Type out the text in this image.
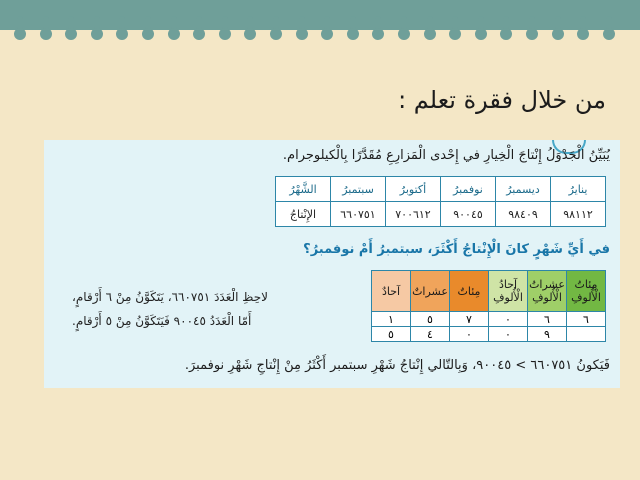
من خلال فقرة تعلم :
يُبَيِّنُ الْجَدْوَلُ إِنْتاجَ الْخِيارِ في إِحْدى الْمَزارِعِ مُقَدَّرًا بِالْكيلوجرام.
الشَّهْرُ	سبتمبرُ	أكتوبرُ	نوفمبرُ	ديسمبرُ	ينايرُ
الإِنْتاجُ	٦٦٠٧٥١	٧٠٠٦١٢	٩٠٠٤٥	٩٨٤٠٩	٩٨١١٢
في أَيِّ شَهْرٍ كانَ الْإِنْتاجُ أَكْثَرَ، سبتمبرُ أَمْ نوفمبرُ؟
آحادٌ	عشراتٌ	مِئاتٌ	آحادُ الْأُلوفِ	عشراتُ الْأُلوفِ	مِئاتُ الْأُلوفِ
١	٥	٧	٠	٦	٦
٥	٤	٠	٠	٩	
لاحِظِ الْعَدَدَ ٦٦٠٧٥١، يَتَكَوَّنُ مِنْ ٦ أَرْقامٍ،
أَمّا الْعَدَدُ ٩٠٠٤٥ فَيَتَكَوَّنُ مِنْ ٥ أَرْقامٍ.
فَيَكونُ ٦٦٠٧٥١ > ٩٠٠٤٥، وَبِالتّالي إِنْتاجُ شَهْرِ سبتمبر أَكْثَرُ مِنْ إِنْتاجِ شَهْرِ نوفمبرَ.
